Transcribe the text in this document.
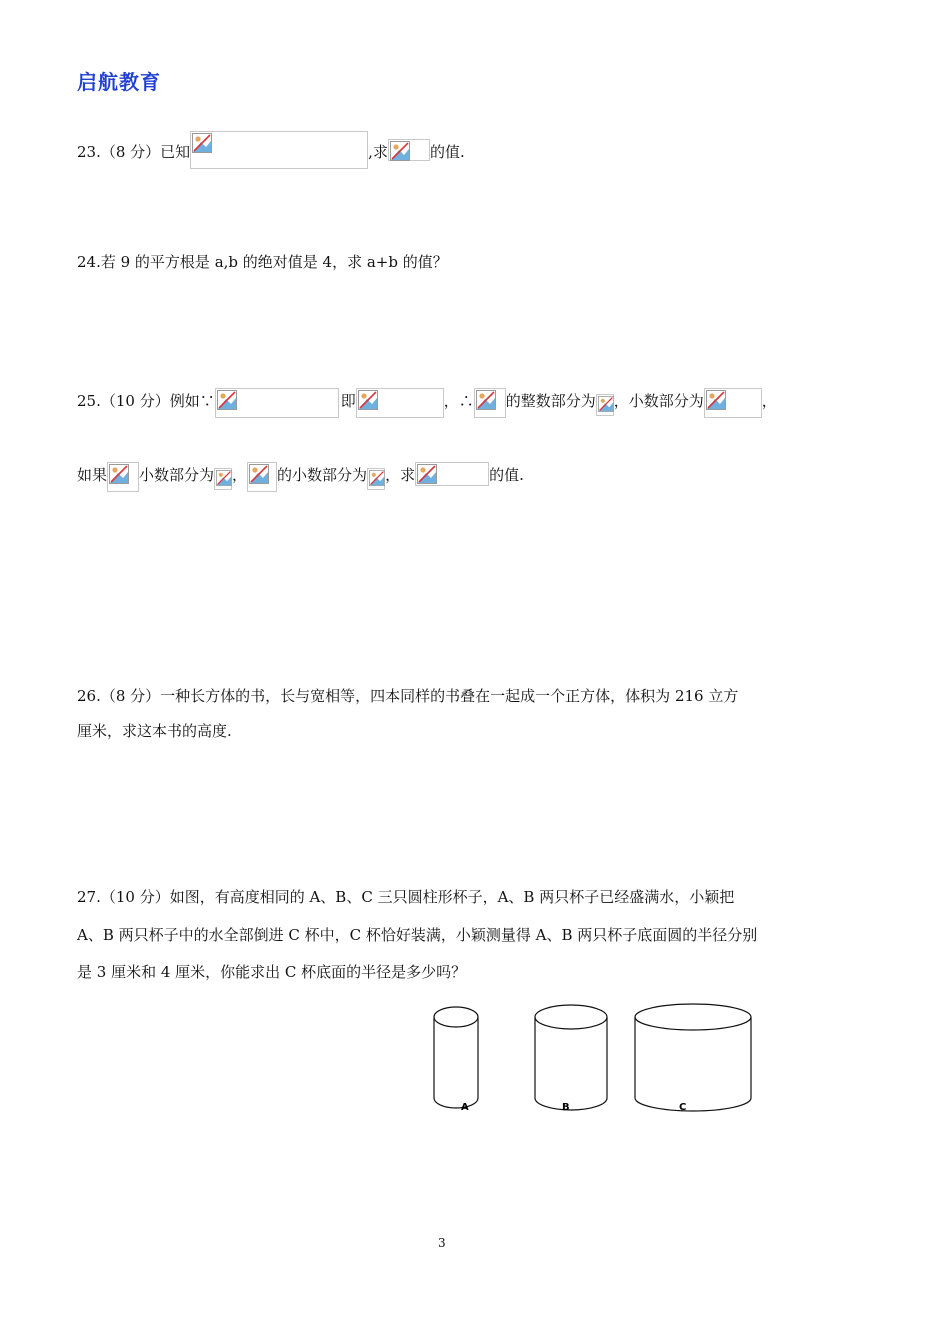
启航教育
23.（8 分）已知	,求	的值.
24.若 9 的平方根是 a,b 的绝对值是 4，求 a+b 的值？
25.（10 分）例如∵	即	，∴ 的整数部分为 ，小数部分为	，
如果 小数部分为 ， 的小数部分为 ，求	的值.
26.（8 分）一种长方体的书，长与宽相等，四本同样的书叠在一起成一个正方体，体积为 216 立方
厘米，求这本书的高度.
27.（10 分）如图，有高度相同的 A、B、C 三只圆柱形杯子，A、B 两只杯子已经盛满水，小颖把
A、B 两只杯子中的水全部倒进 C 杯中，C 杯恰好装满，小颖测量得 A、B 两只杯子底面圆的半径分别
是 3 厘米和 4 厘米，你能求出 C 杯底面的半径是多少吗？
A	B	C
3
